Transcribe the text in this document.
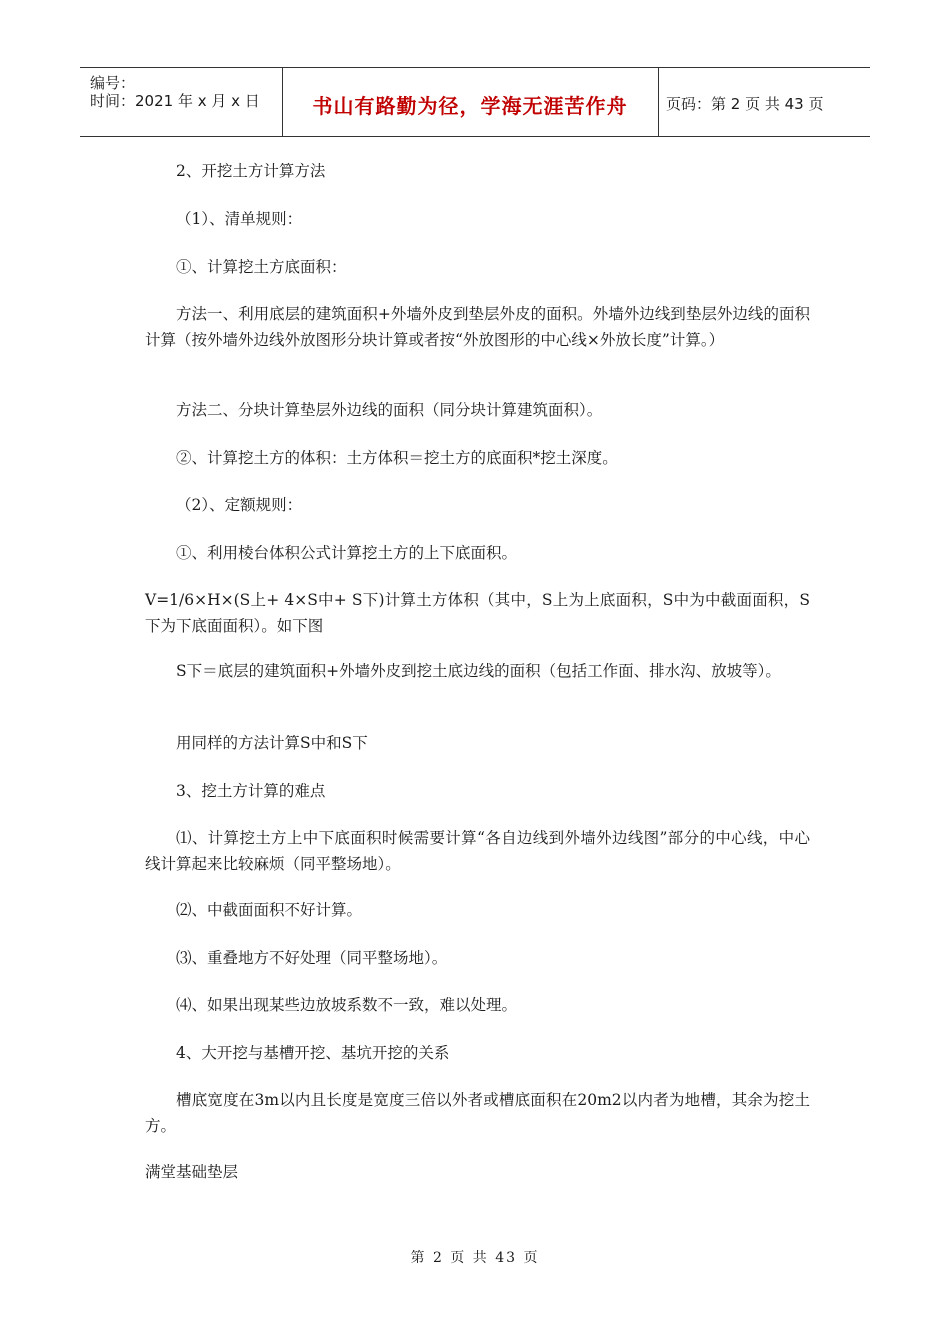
编号：
时间：2021 年 x 月 x 日	书山有路勤为径，学海无涯苦作舟	页码：第 2 页 共 43 页

2、开挖土方计算方法

（1）、清单规则：

①、计算挖土方底面积：

方法一、利用底层的建筑面积+外墙外皮到垫层外皮的面积。外墙外边线到垫层外边线的面积计算（按外墙外边线外放图形分块计算或者按“外放图形的中心线×外放长度”计算。）

方法二、分块计算垫层外边线的面积（同分块计算建筑面积）。

②、计算挖土方的体积：土方体积＝挖土方的底面积*挖土深度。

（2）、定额规则：

①、利用棱台体积公式计算挖土方的上下底面积。

V=1/6×H×(S上+ 4×S中+ S下)计算土方体积（其中，S上为上底面积，S中为中截面面积，S下为下底面面积）。如下图

S下＝底层的建筑面积+外墙外皮到挖土底边线的面积（包括工作面、排水沟、放坡等）。

用同样的方法计算S中和S下

3、挖土方计算的难点

⑴、计算挖土方上中下底面积时候需要计算“各自边线到外墙外边线图”部分的中心线，中心线计算起来比较麻烦（同平整场地）。

⑵、中截面面积不好计算。

⑶、重叠地方不好处理（同平整场地）。

⑷、如果出现某些边放坡系数不一致，难以处理。

4、大开挖与基槽开挖、基坑开挖的关系

槽底宽度在3m以内且长度是宽度三倍以外者或槽底面积在20m2以内者为地槽，其余为挖土方。

满堂基础垫层

第 2 页 共 43 页
